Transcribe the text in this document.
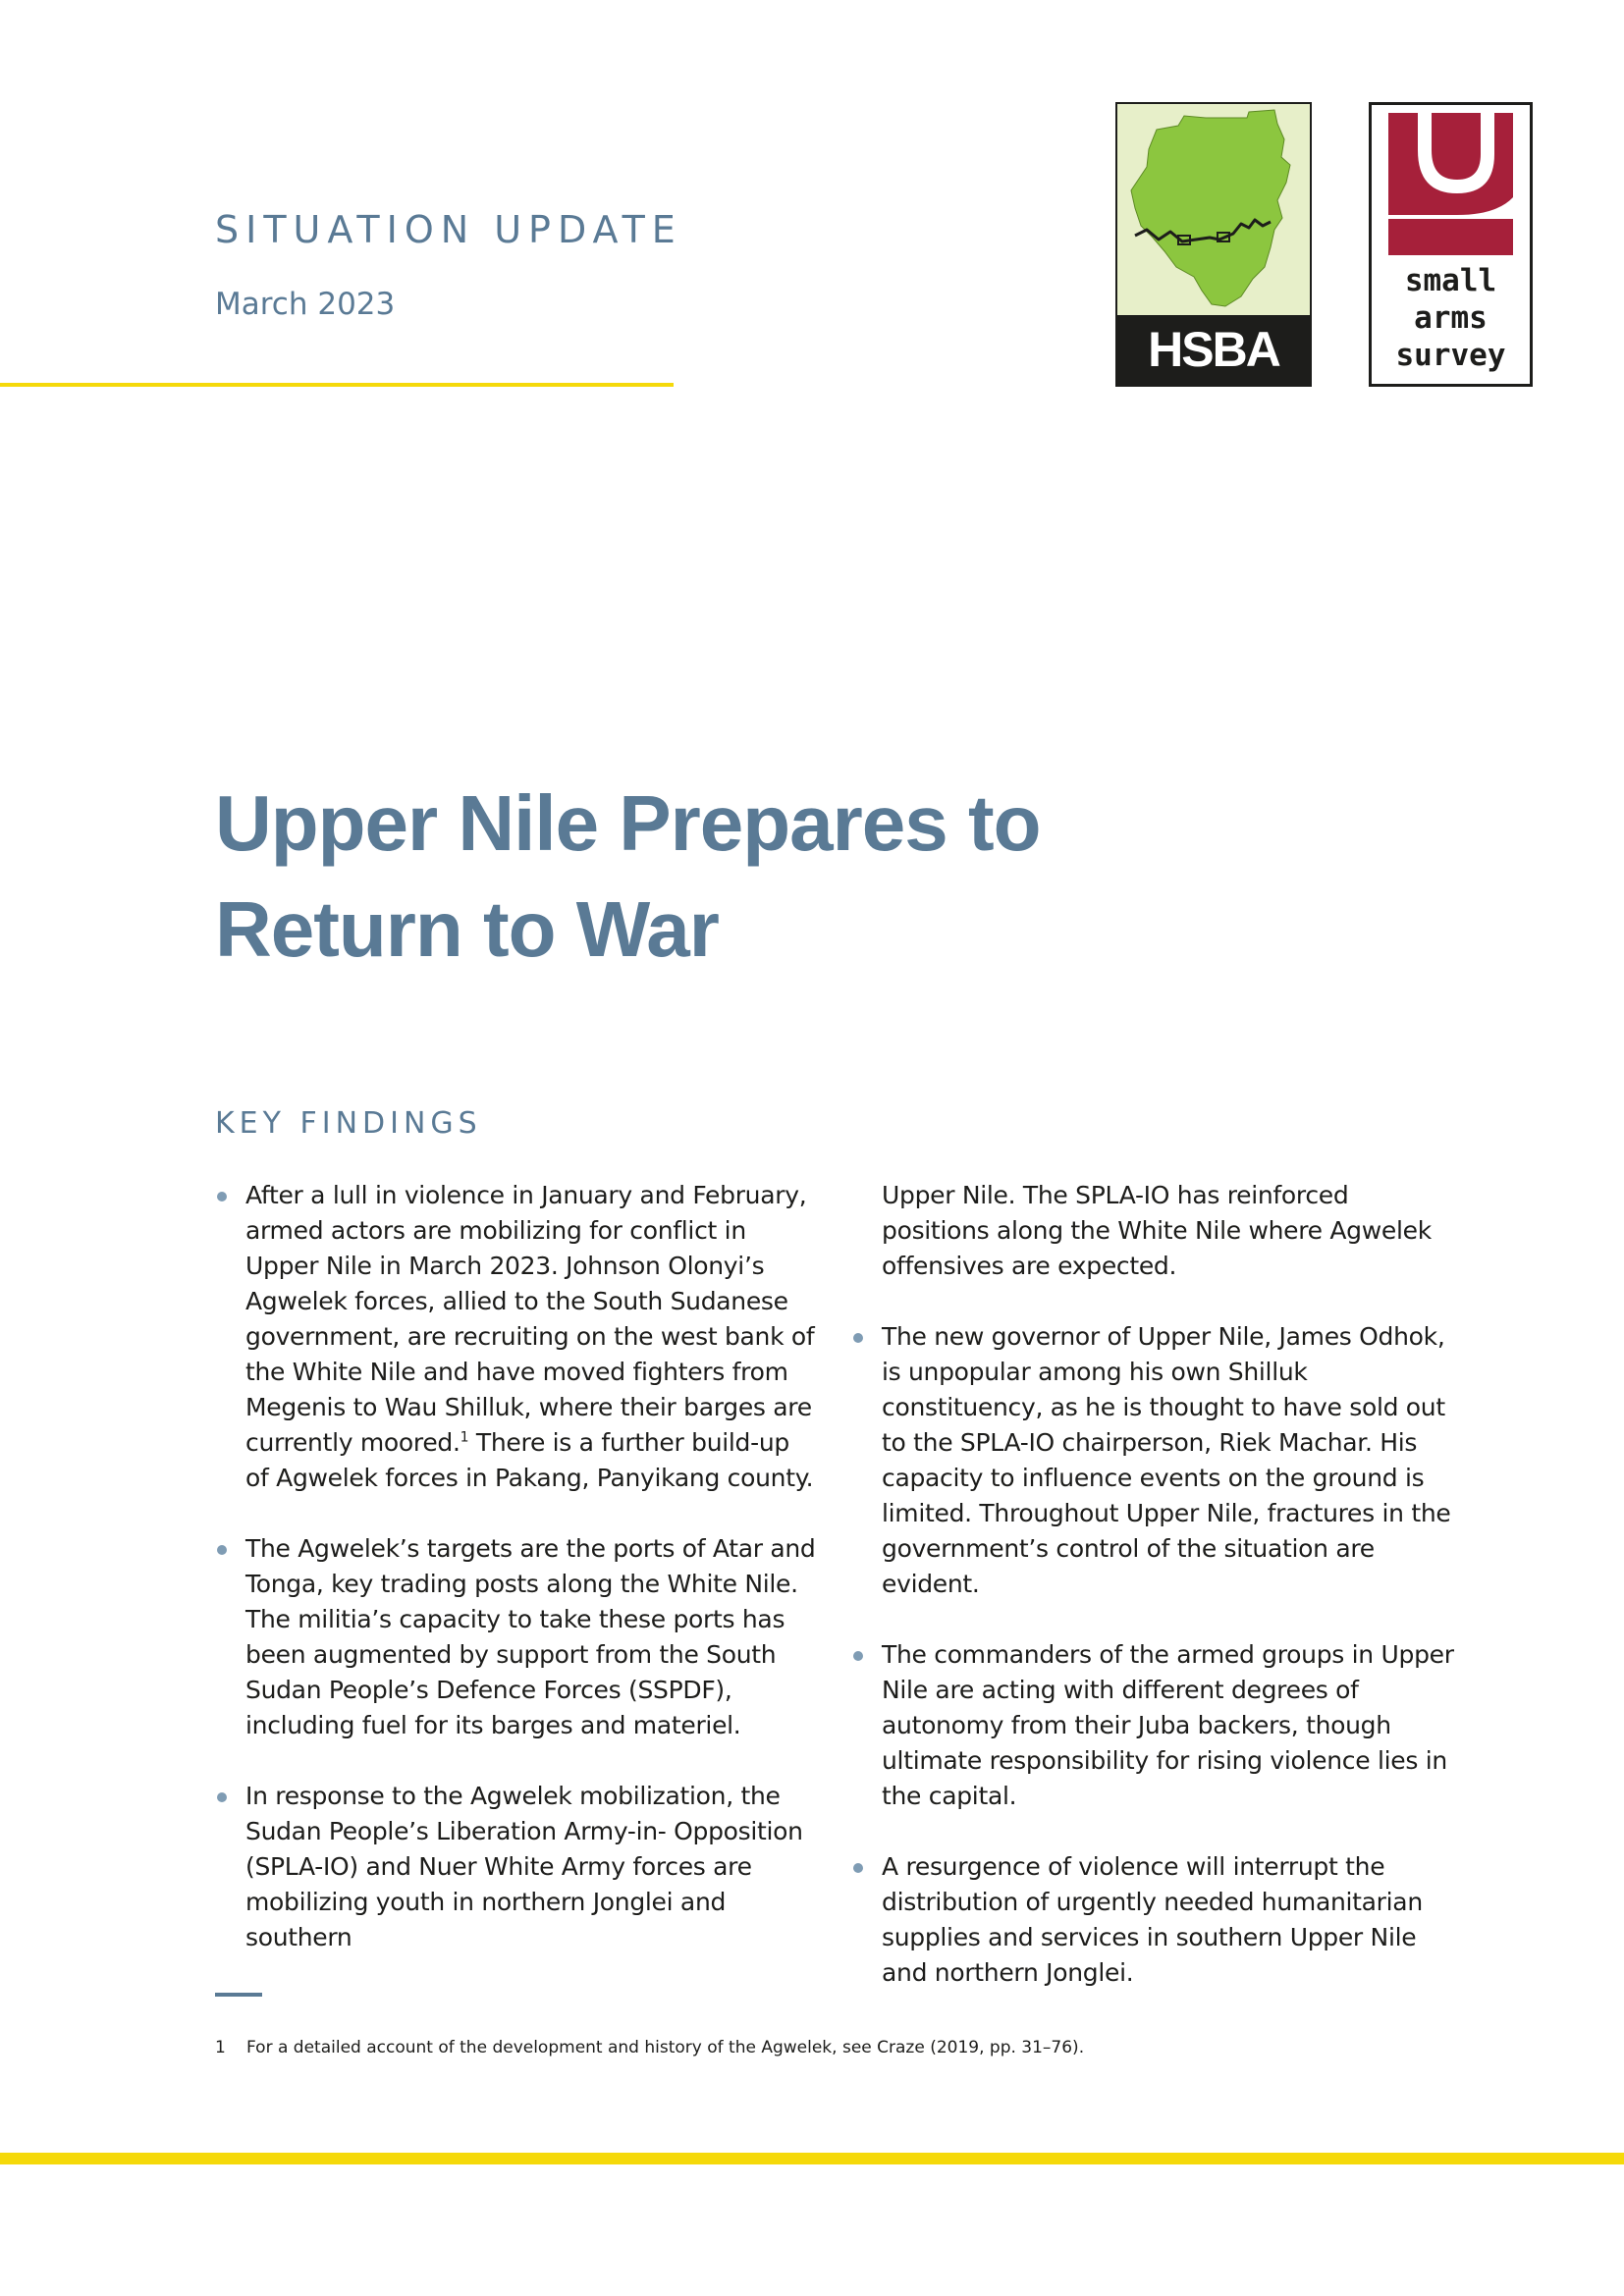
SITUATION UPDATE
March 2023
HSBA
small
arms
survey
Upper Nile Prepares to
Return to War
KEY FINDINGS

After a lull in violence in January and February, armed actors are mobilizing for conflict in Upper Nile in March 2023. Johnson Olonyi’s Agwelek forces, allied to the South Sudanese government, are recruiting on the west bank of the White Nile and have moved fighters from Megenis to Wau Shilluk, where their barges are currently moored.$^1$ There is a further build-up of Agwelek forces in Pakang, Panyikang county.

The Agwelek’s targets are the ports of Atar and Tonga, key trading posts along the White Nile. The militia’s capacity to take these ports has been augmented by support from the South Sudan People’s Defence Forces (SSPDF), including fuel for its barges and materiel.

In response to the Agwelek mobilization, the Sudan People’s Liberation Army-in- Opposition (SPLA-IO) and Nuer White Army forces are mobilizing youth in northern Jonglei and southern

Upper Nile. The SPLA-IO has reinforced positions along the White Nile where Agwelek offensives are expected.

The new governor of Upper Nile, James Odhok, is unpopular among his own Shilluk constituency, as he is thought to have sold out to the SPLA-IO chairperson, Riek Machar. His capacity to influence events on the ground is limited. Throughout Upper Nile, fractures in the government’s control of the situation are evident.

The commanders of the armed groups in Upper Nile are acting with different degrees of autonomy from their Juba backers, though ultimate responsibility for rising violence lies in the capital.

A resurgence of violence will interrupt the distribution of urgently needed humanitarian supplies and services in southern Upper Nile and northern Jonglei.

1 For a detailed account of the development and history of the Agwelek, see Craze (2019, pp. 31–76).
